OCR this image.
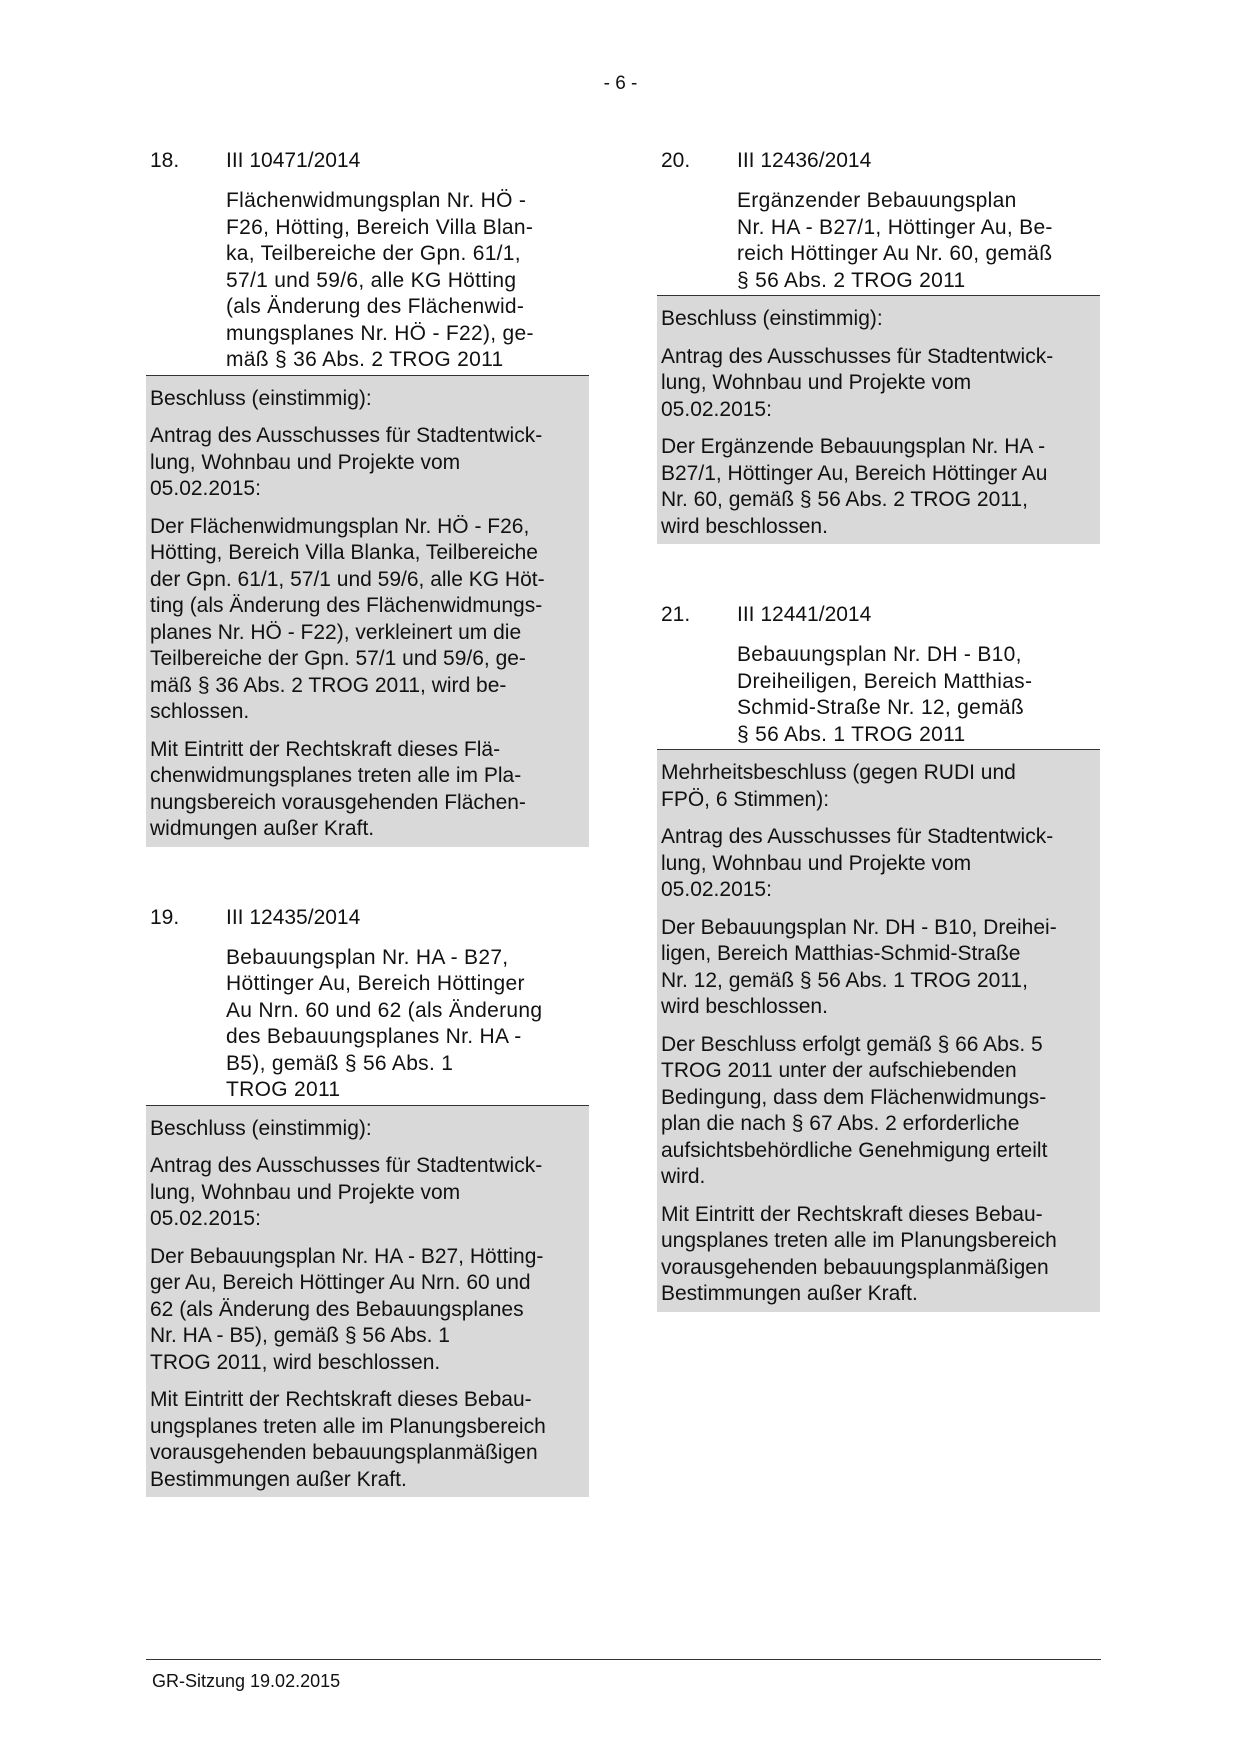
- 6 -
18.	III 10471/2014
Flächenwidmungsplan Nr. HÖ -
F26, Hötting, Bereich Villa Blan-
ka, Teilbereiche der Gpn. 61/1,
57/1 und 59/6, alle KG Hötting
(als Änderung des Flächenwid-
mungsplanes Nr. HÖ - F22), ge-
mäß § 36 Abs. 2 TROG 2011

Beschluss (einstimmig):

Antrag des Ausschusses für Stadtentwick-
lung, Wohnbau und Projekte vom
05.02.2015:

Der Flächenwidmungsplan Nr. HÖ - F26,
Hötting, Bereich Villa Blanka, Teilbereiche
der Gpn. 61/1, 57/1 und 59/6, alle KG Höt-
ting (als Änderung des Flächenwidmungs-
planes Nr. HÖ - F22), verkleinert um die
Teilbereiche der Gpn. 57/1 und 59/6, ge-
mäß § 36 Abs. 2 TROG 2011, wird be-
schlossen.

Mit Eintritt der Rechtskraft dieses Flä-
chenwidmungsplanes treten alle im Pla-
nungsbereich vorausgehenden Flächen-
widmungen außer Kraft.

19.	III 12435/2014
Bebauungsplan Nr. HA - B27,
Höttinger Au, Bereich Höttinger
Au Nrn. 60 und 62 (als Änderung
des Bebauungsplanes Nr. HA -
B5), gemäß § 56 Abs. 1
TROG 2011

Beschluss (einstimmig):

Antrag des Ausschusses für Stadtentwick-
lung, Wohnbau und Projekte vom
05.02.2015:

Der Bebauungsplan Nr. HA - B27, Hötting-
ger Au, Bereich Höttinger Au Nrn. 60 und
62 (als Änderung des Bebauungsplanes
Nr. HA - B5), gemäß § 56 Abs. 1
TROG 2011, wird beschlossen.

Mit Eintritt der Rechtskraft dieses Bebau-
ungsplanes treten alle im Planungsbereich
vorausgehenden bebauungsplanmäßigen
Bestimmungen außer Kraft.

20.	III 12436/2014
Ergänzender Bebauungsplan
Nr. HA - B27/1, Höttinger Au, Be-
reich Höttinger Au Nr. 60, gemäß
§ 56 Abs. 2 TROG 2011

Beschluss (einstimmig):

Antrag des Ausschusses für Stadtentwick-
lung, Wohnbau und Projekte vom
05.02.2015:

Der Ergänzende Bebauungsplan Nr. HA -
B27/1, Höttinger Au, Bereich Höttinger Au
Nr. 60, gemäß § 56 Abs. 2 TROG 2011,
wird beschlossen.

21.	III 12441/2014
Bebauungsplan Nr. DH - B10,
Dreiheiligen, Bereich Matthias-
Schmid-Straße Nr. 12, gemäß
§ 56 Abs. 1 TROG 2011

Mehrheitsbeschluss (gegen RUDI und
FPÖ, 6 Stimmen):

Antrag des Ausschusses für Stadtentwick-
lung, Wohnbau und Projekte vom
05.02.2015:

Der Bebauungsplan Nr. DH - B10, Dreihei-
ligen, Bereich Matthias-Schmid-Straße
Nr. 12, gemäß § 56 Abs. 1 TROG 2011,
wird beschlossen.

Der Beschluss erfolgt gemäß § 66 Abs. 5
TROG 2011 unter der aufschiebenden
Bedingung, dass dem Flächenwidmungs-
plan die nach § 67 Abs. 2 erforderliche
aufsichtsbehördliche Genehmigung erteilt
wird.

Mit Eintritt der Rechtskraft dieses Bebau-
ungsplanes treten alle im Planungsbereich
vorausgehenden bebauungsplanmäßigen
Bestimmungen außer Kraft.

GR-Sitzung 19.02.2015
